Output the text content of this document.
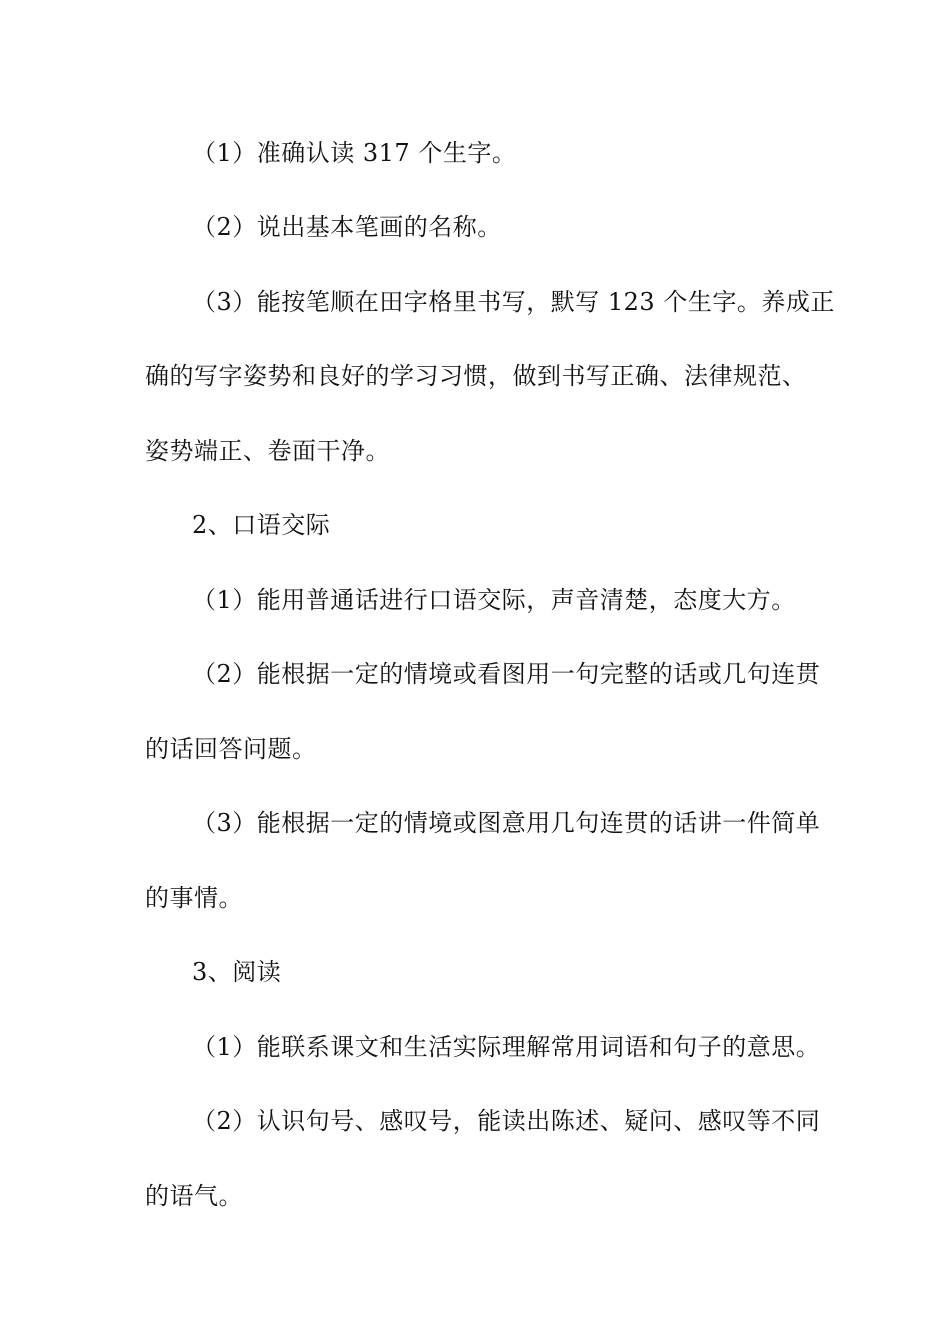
（1）准确认读 317 个生字。
（2）说出基本笔画的名称。
（3）能按笔顺在田字格里书写，默写 123 个生字。养成正
确的写字姿势和良好的学习习惯，做到书写正确、法律规范、
姿势端正、卷面干净。
2、口语交际
（1）能用普通话进行口语交际，声音清楚，态度大方。
（2）能根据一定的情境或看图用一句完整的话或几句连贯
的话回答问题。
（3）能根据一定的情境或图意用几句连贯的话讲一件简单
的事情。
3、阅读
（1）能联系课文和生活实际理解常用词语和句子的意思。
（2）认识句号、感叹号，能读出陈述、疑问、感叹等不同
的语气。
